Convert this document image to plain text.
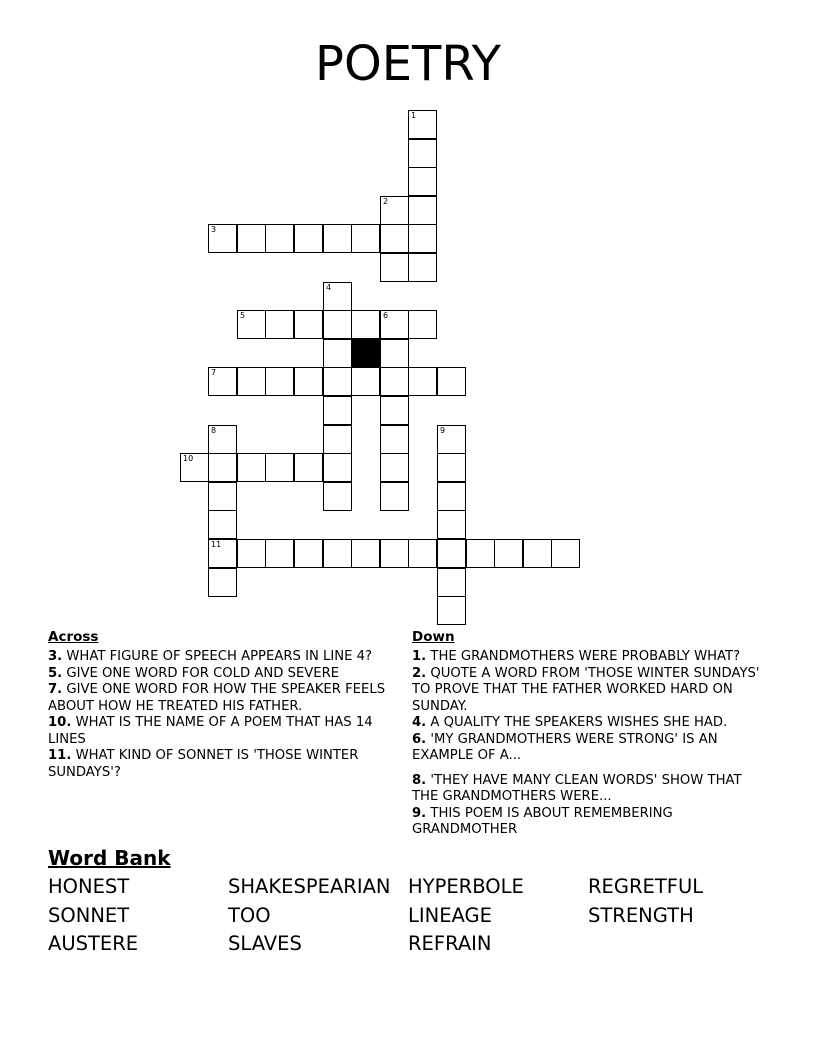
POETRY
1
2
3
4
5	6
7
8	9
10
11
Across
3. WHAT FIGURE OF SPEECH APPEARS IN LINE 4?
5. GIVE ONE WORD FOR COLD AND SEVERE
7. GIVE ONE WORD FOR HOW THE SPEAKER FEELS ABOUT HOW HE TREATED HIS FATHER.
10. WHAT IS THE NAME OF A POEM THAT HAS 14 LINES
11. WHAT KIND OF SONNET IS 'THOSE WINTER SUNDAYS'?
Down
1. THE GRANDMOTHERS WERE PROBABLY WHAT?
2. QUOTE A WORD FROM 'THOSE WINTER SUNDAYS' TO PROVE THAT THE FATHER WORKED HARD ON SUNDAY.
4. A QUALITY THE SPEAKERS WISHES SHE HAD.
6. 'MY GRANDMOTHERS WERE STRONG' IS AN EXAMPLE OF A...
8. 'THEY HAVE MANY CLEAN WORDS' SHOW THAT THE GRANDMOTHERS WERE...
9. THIS POEM IS ABOUT REMEMBERING GRANDMOTHER
Word Bank
HONEST	SHAKESPEARIAN HYPERBOLE	REGRETFUL
SONNET	TOO	LINEAGE	STRENGTH
AUSTERE	SLAVES	REFRAIN
